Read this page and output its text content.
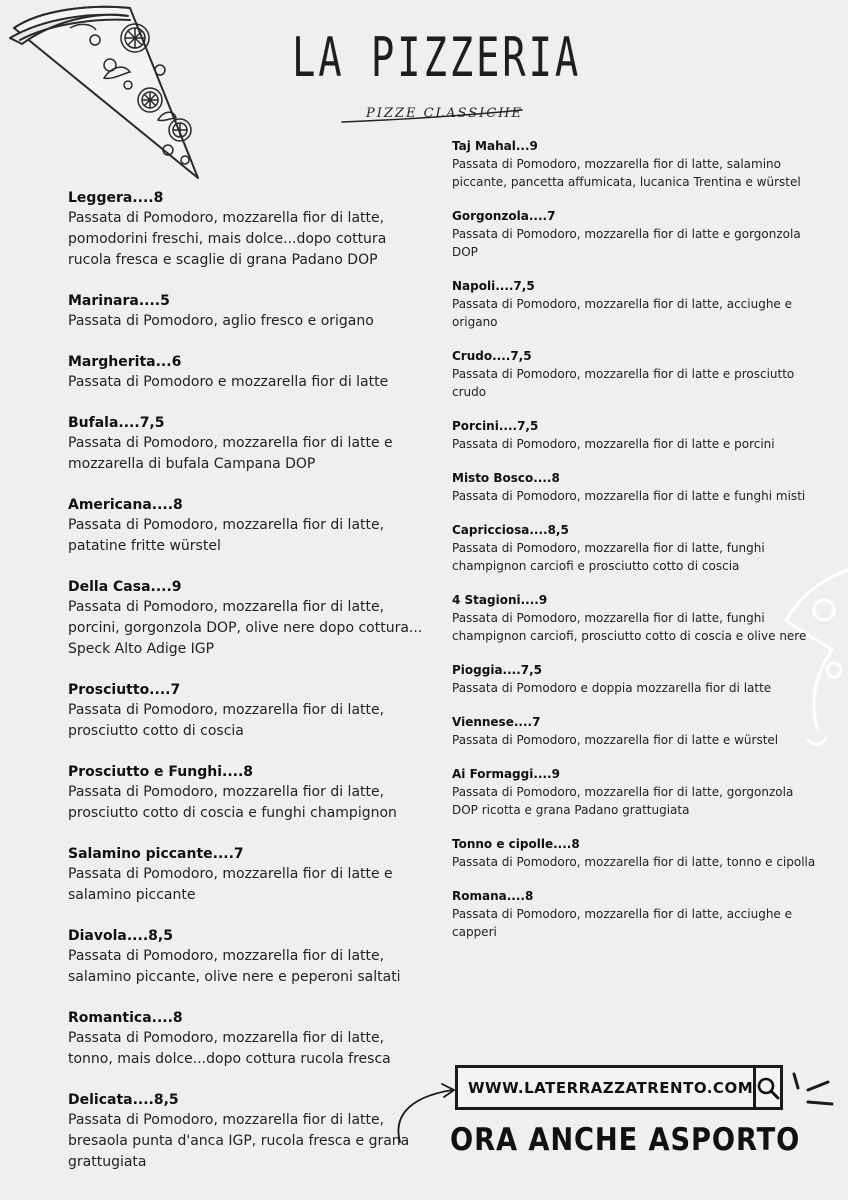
LA PIZZERIA
PIZZE CLASSICHE
Leggera....8
Passata di Pomodoro, mozzarella fior di latte, pomodorini freschi, mais dolce...dopo cottura rucola fresca e scaglie di grana Padano DOP
Marinara....5
Passata di Pomodoro, aglio fresco e origano
Margherita...6
Passata di Pomodoro e mozzarella fior di latte
Bufala....7,5
Passata di Pomodoro, mozzarella fior di latte e mozzarella di bufala Campana DOP
Americana....8
Passata di Pomodoro, mozzarella fior di latte, patatine fritte würstel
Della Casa....9
Passata di Pomodoro, mozzarella fior di latte, porcini, gorgonzola DOP, olive nere dopo cottura... Speck Alto Adige IGP
Prosciutto....7
Passata di Pomodoro, mozzarella fior di latte, prosciutto cotto di coscia
Prosciutto e Funghi....8
Passata di Pomodoro, mozzarella fior di latte, prosciutto cotto di coscia e funghi champignon
Salamino piccante....7
Passata di Pomodoro, mozzarella fior di latte e salamino piccante
Diavola....8,5
Passata di Pomodoro, mozzarella fior di latte, salamino piccante, olive nere e peperoni saltati
Romantica....8
Passata di Pomodoro, mozzarella fior di latte, tonno, mais dolce...dopo cottura rucola fresca
Delicata....8,5
Passata di Pomodoro, mozzarella fior di latte, bresaola punta d'anca IGP, rucola fresca e grana grattugiata
Taj Mahal...9
Passata di Pomodoro, mozzarella fior di latte, salamino piccante, pancetta affumicata, lucanica Trentina e würstel
Gorgonzola....7
Passata di Pomodoro, mozzarella fior di latte e gorgonzola DOP
Napoli....7,5
Passata di Pomodoro, mozzarella fior di latte, acciughe e origano
Crudo....7,5
Passata di Pomodoro, mozzarella fior di latte e prosciutto crudo
Porcini....7,5
Passata di Pomodoro, mozzarella fior di latte e porcini
Misto Bosco....8
Passata di Pomodoro, mozzarella fior di latte e funghi misti
Capricciosa....8,5
Passata di Pomodoro, mozzarella fior di latte, funghi champignon carciofi e prosciutto cotto di coscia
4 Stagioni....9
Passata di Pomodoro, mozzarella fior di latte, funghi champignon carciofi, prosciutto cotto di coscia e olive nere
Pioggia....7,5
Passata di Pomodoro e doppia mozzarella fior di latte
Viennese....7
Passata di Pomodoro, mozzarella fior di latte e würstel
Ai Formaggi....9
Passata di Pomodoro, mozzarella fior di latte, gorgonzola DOP ricotta e grana Padano grattugiata
Tonno e cipolle....8
Passata di Pomodoro, mozzarella fior di latte, tonno e cipolla
Romana....8
Passata di Pomodoro, mozzarella fior di latte, acciughe e capperi
WWW.LATERRAZZATRENTO.COM
ORA ANCHE ASPORTO
